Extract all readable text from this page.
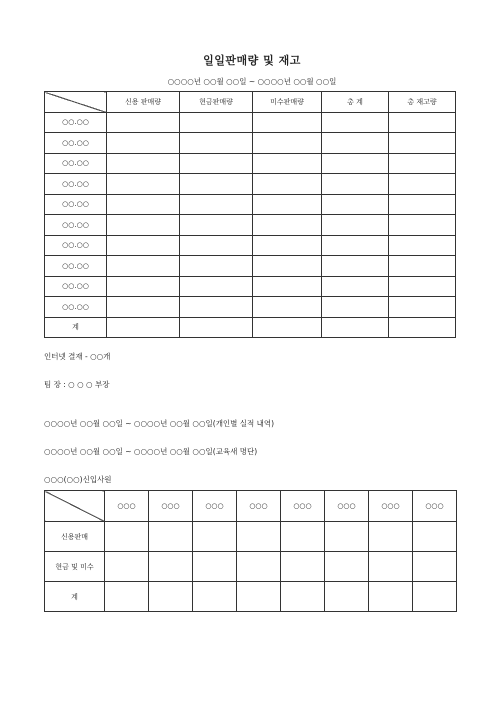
일일판매량 및 재고
○○○○년 ○○월 ○○일 ~ ○○○○년 ○○월 ○○일
	신용 판매량	현금판매량	미수판매량	총 계	총 재고량
○○.○○					
○○.○○					
○○.○○					
○○.○○					
○○.○○					
○○.○○					
○○.○○					
○○.○○					
○○.○○					
○○.○○					
계					
인터넷 결재 - ○○개
팀 장 : ○ ○ ○ 부장
○○○○년 ○○월 ○○일 ~ ○○○○년 ○○월 ○○일(개인별 실적 내역)
○○○○년 ○○월 ○○일 ~ ○○○○년 ○○월 ○○일(교육새 명단)
○○○(○○)신입사원
	○○○	○○○	○○○	○○○	○○○	○○○	○○○	○○○
신용판매								
현금 및 미수								
계								
